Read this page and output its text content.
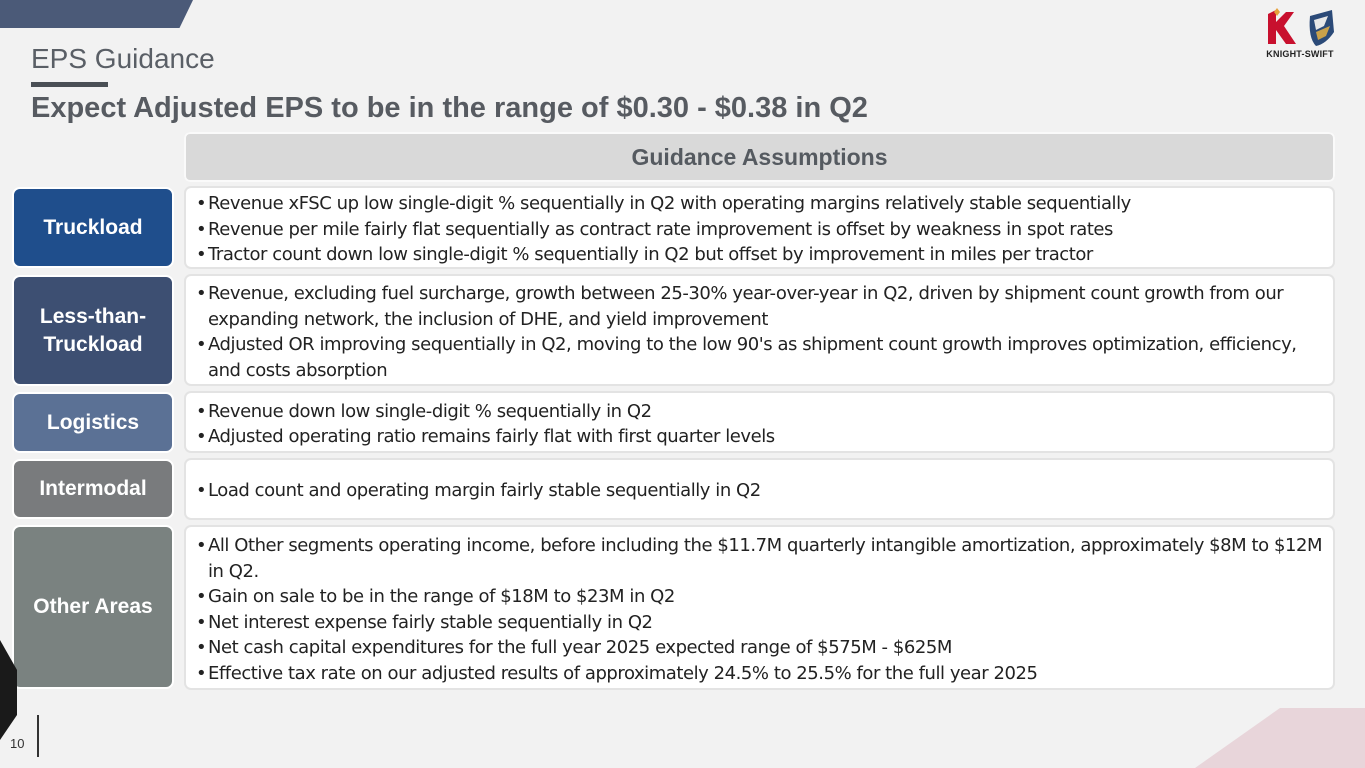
EPS Guidance
Expect Adjusted EPS to be in the range of $0.30 - $0.38 in Q2
KNIGHT-SWIFT
Guidance Assumptions
Truckload
• Revenue xFSC up low single-digit % sequentially in Q2 with operating margins relatively stable sequentially
• Revenue per mile fairly flat sequentially as contract rate improvement is offset by weakness in spot rates
• Tractor count down low single-digit % sequentially in Q2 but offset by improvement in miles per tractor
Less-than-Truckload
• Revenue, excluding fuel surcharge, growth between 25-30% year-over-year in Q2, driven by shipment count growth from our expanding network, the inclusion of DHE, and yield improvement
• Adjusted OR improving sequentially in Q2, moving to the low 90's as shipment count growth improves optimization, efficiency, and costs absorption
Logistics	• Revenue down low single-digit % sequentially in Q2
• Adjusted operating ratio remains fairly flat with first quarter levels
Intermodal	• Load count and operating margin fairly stable sequentially in Q2
Other Areas
• All Other segments operating income, before including the $11.7M quarterly intangible amortization, approximately $8M to $12M in Q2.
• Gain on sale to be in the range of $18M to $23M in Q2
• Net interest expense fairly stable sequentially in Q2
• Net cash capital expenditures for the full year 2025 expected range of $575M - $625M
• Effective tax rate on our adjusted results of approximately 24.5% to 25.5% for the full year 2025
10
